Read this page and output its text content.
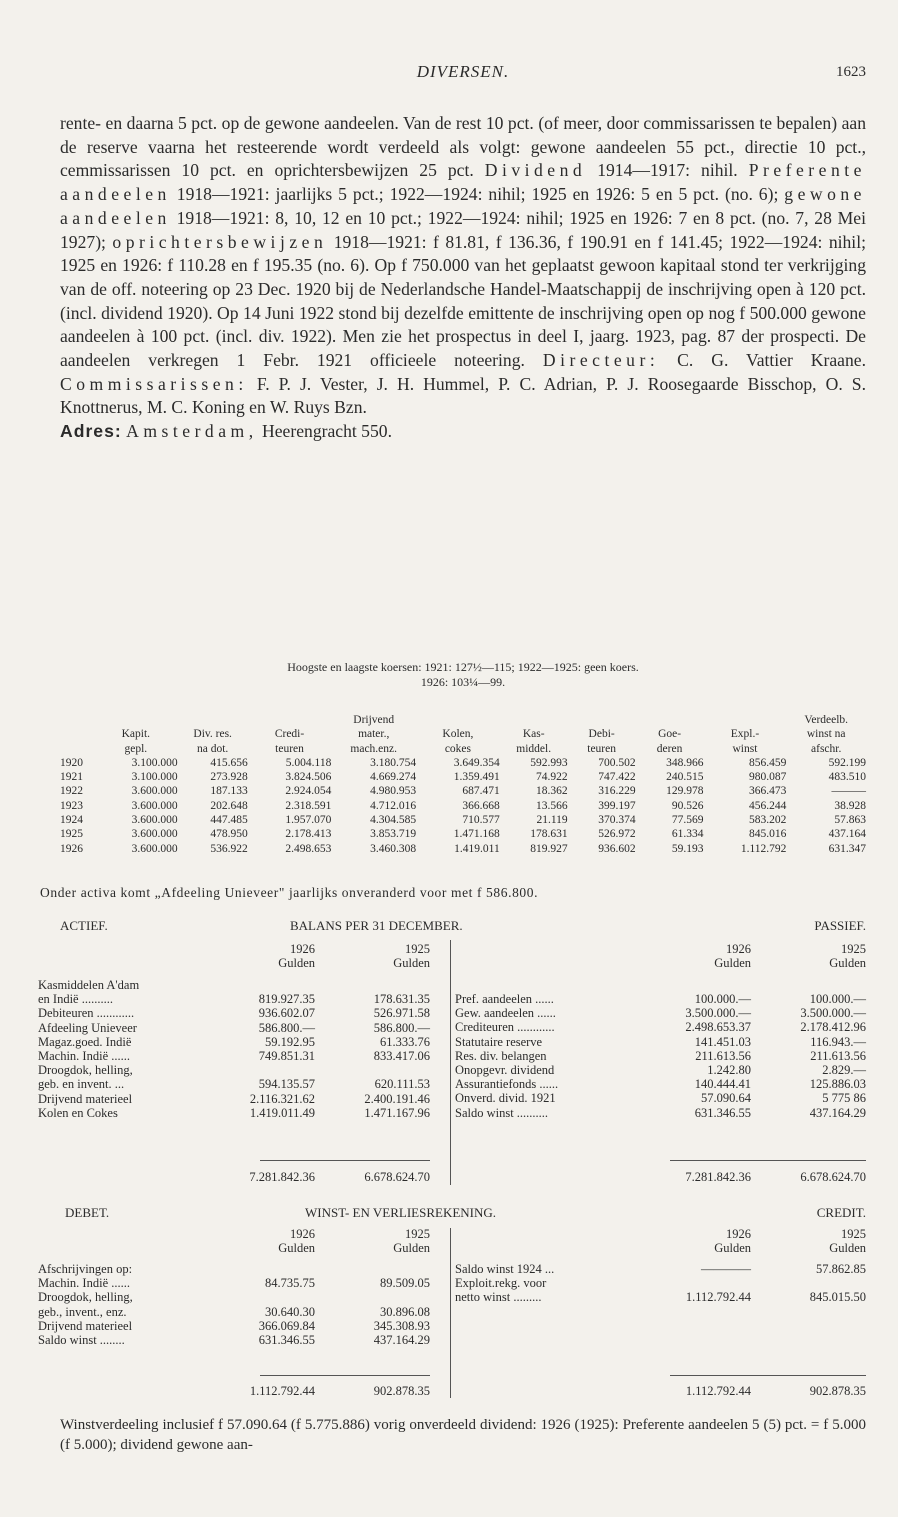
DIVERSEN.	1623

rente- en daarna 5 pct. op de gewone aandeelen. Van de rest 10 pct. (of meer, door commissarissen te bepalen) aan de reserve vaarna het resteerende wordt verdeeld als volgt: gewone aandeelen 55 pct., directie 10 pct., cemmissarissen 10 pct. en oprichtersbewijzen 25 pct. Dividend 1914—1917: nihil. Preferente aandeelen 1918—1921: jaarlijks 5 pct.; 1922—1924: nihil; 1925 en 1926: 5 en 5 pct. (no. 6); gewone aandeelen 1918—1921: 8, 10, 12 en 10 pct.; 1922—1924: nihil; 1925 en 1926: 7 en 8 pct. (no. 7, 28 Mei 1927); oprichtersbewijzen 1918—1921: f 81.81, f 136.36, f 190.91 en f 141.45; 1922—1924: nihil; 1925 en 1926: f 110.28 en f 195.35 (no. 6). Op f 750.000 van het geplaatst gewoon kapitaal stond ter verkrijging van de off. noteering op 23 Dec. 1920 bij de Nederlandsche Handel-Maatschappij de inschrijving open à 120 pct. (incl. dividend 1920). Op 14 Juni 1922 stond bij dezelfde emittente de inschrijving open op nog f 500.000 gewone aandeelen à 100 pct. (incl. div. 1922). Men zie het prospectus in deel I, jaarg. 1923, pag. 87 der prospecti. De aandeelen verkregen 1 Febr. 1921 officieele noteering. Directeur: C. G. Vattier Kraane. Commissarissen: F. P. J. Vester, J. H. Hummel, P. C. Adrian, P. J. Roosegaarde Bisschop, O. S. Knottnerus, M. C. Koning en W. Ruys Bzn.
Adres: Amsterdam, Heerengracht 550.

Hoogste en laagste koersen: 1921: 127½—115; 1922—1925: geen koers.
1926: 103¼—99.
				Drijvend						Verdeelb.
	Kapit.	Div. res.	Credi-	mater.,	Kolen,	Kas-	Debi-	Goe-	Expl.-	winst na
	gepl.	na dot.	teuren	mach.enz.	cokes	middel.	teuren	deren	winst	afschr.
1920	3.100.000	415.656	5.004.118	3.180.754	3.649.354	592.993	700.502	348.966	856.459	592.199
1921	3.100.000	273.928	3.824.506	4.669.274	1.359.491	74.922	747.422	240.515	980.087	483.510
1922	3.600.000	187.133	2.924.054	4.980.953	687.471	18.362	316.229	129.978	366.473	———
1923	3.600.000	202.648	2.318.591	4.712.016	366.668	13.566	399.197	90.526	456.244	38.928
1924	3.600.000	447.485	1.957.070	4.304.585	710.577	21.119	370.374	77.569	583.202	57.863
1925	3.600.000	478.950	2.178.413	3.853.719	1.471.168	178.631	526.972	61.334	845.016	437.164
1926	3.600.000	536.922	2.498.653	3.460.308	1.419.011	819.927	936.602	59.193	1.112.792	631.347
Onder activa komt „Afdeeling Unieveer" jaarlijks onveranderd voor met f 586.800.
ACTIEF.	BALANS PER 31 DECEMBER.	PASSIEF.
1926	1925
Gulden	Gulden
1926	1925
Gulden	Gulden
Kasmiddelen A'dam
en Indië ..........	819.927.35	178.631.35
Debiteuren ............	936.602.07	526.971.58
Afdeeling Unieveer	586.800.—	586.800.—
Magaz.goed. Indië	59.192.95	61.333.76
Machin. Indië ......	749.851.31	833.417.06
Droogdok, helling,
geb. en invent. ...	594.135.57	620.111.53
Drijvend materieel	2.116.321.62	2.400.191.46
Kolen en Cokes	1.419.011.49	1.471.167.96
Pref. aandeelen ......	100.000.—	100.000.—
Gew. aandeelen ......	3.500.000.—	3.500.000.—
Crediteuren ............	2.498.653.37	2.178.412.96
Statutaire reserve	141.451.03	116.943.—
Res. div. belangen	211.613.56	211.613.56
Onopgevr. dividend	1.242.80	2.829.—
Assurantiefonds ......	140.444.41	125.886.03
Onverd. divid. 1921	57.090.64	5 775 86
Saldo winst ..........	631.346.55	437.164.29
7.281.842.36	6.678.624.70	7.281.842.36	6.678.624.70
DEBET.	WINST- EN VERLIESREKENING.	CREDIT.
1926	1925
Gulden	Gulden
1926	1925
Gulden	Gulden
Afschrijvingen op:
Machin. Indië ......	84.735.75	89.509.05
Droogdok, helling,
geb., invent., enz.	30.640.30	30.896.08
Drijvend materieel	366.069.84	345.308.93
Saldo winst ........	631.346.55	437.164.29
Saldo winst 1924 ...	————	57.862.85
Exploit.rekg. voor
netto winst .........	1.112.792.44	845.015.50
1.112.792.44	902.878.35	1.112.792.44	902.878.35

Winstverdeeling inclusief f 57.090.64 (f 5.775.886) vorig onverdeeld dividend: 1926 (1925): Preferente aandeelen 5 (5) pct. = f 5.000 (f 5.000); dividend gewone aan-
